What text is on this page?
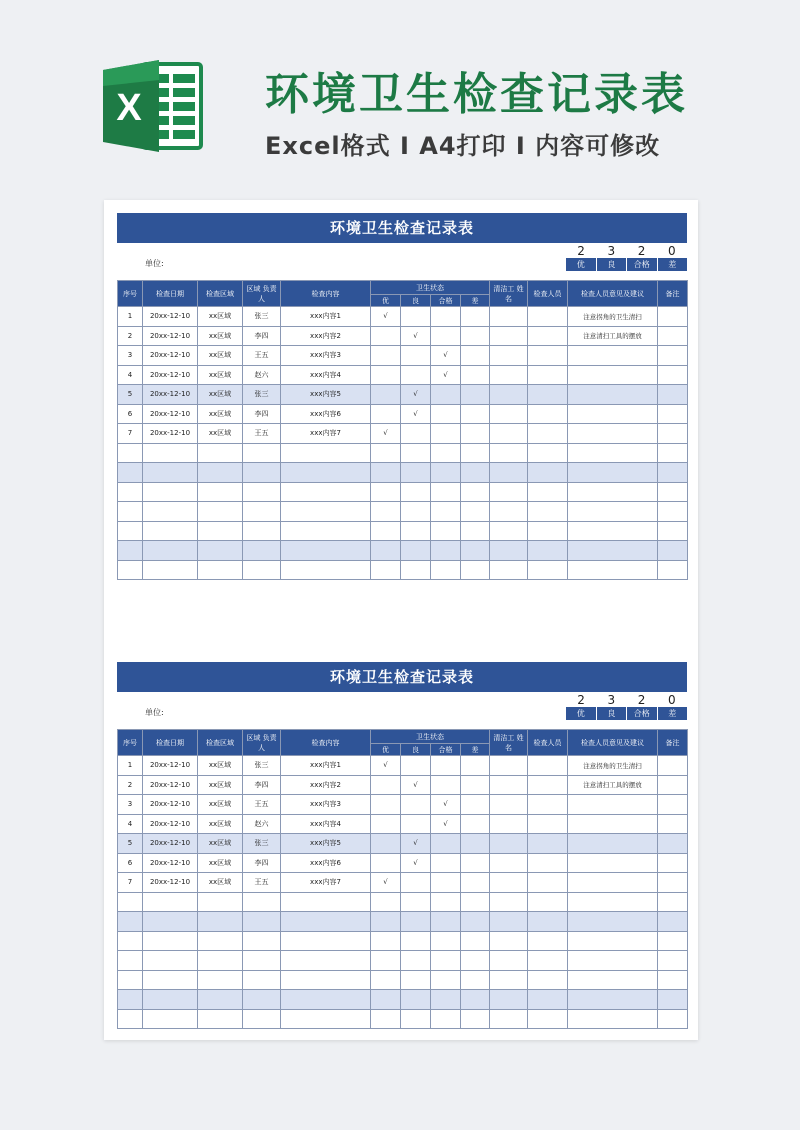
X	环境卫生检查记录表
Excel格式 I A4打印 I 内容可修改
环境卫生检查记录表
单位:
2	3	2	0
优	良	合格	差
序号	检查日期	检查区域	区域 负责人	检查内容	卫生状态				清洁工 姓名	检查人员	检查人员意见及建议	备注
					优	良	合格	差				
1	20xx-12-10	xx区域	张三	xxx内容1	√						注意拐角的卫生清扫	
2	20xx-12-10	xx区域	李四	xxx内容2		√					注意清扫工具的摆放	
3	20xx-12-10	xx区域	王五	xxx内容3			√					
4	20xx-12-10	xx区域	赵六	xxx内容4			√					
5	20xx-12-10	xx区域	张三	xxx内容5		√						
6	20xx-12-10	xx区域	李四	xxx内容6		√						
7	20xx-12-10	xx区域	王五	xxx内容7	√							

环境卫生检查记录表
单位:
2	3	2	0
优	良	合格	差
序号	检查日期	检查区域	区域 负责人	检查内容	卫生状态				清洁工 姓名	检查人员	检查人员意见及建议	备注
					优	良	合格	差				
1	20xx-12-10	xx区域	张三	xxx内容1	√						注意拐角的卫生清扫	
2	20xx-12-10	xx区域	李四	xxx内容2		√					注意清扫工具的摆放	
3	20xx-12-10	xx区域	王五	xxx内容3			√					
4	20xx-12-10	xx区域	赵六	xxx内容4			√					
5	20xx-12-10	xx区域	张三	xxx内容5		√						
6	20xx-12-10	xx区域	李四	xxx内容6		√						
7	20xx-12-10	xx区域	王五	xxx内容7	√							
